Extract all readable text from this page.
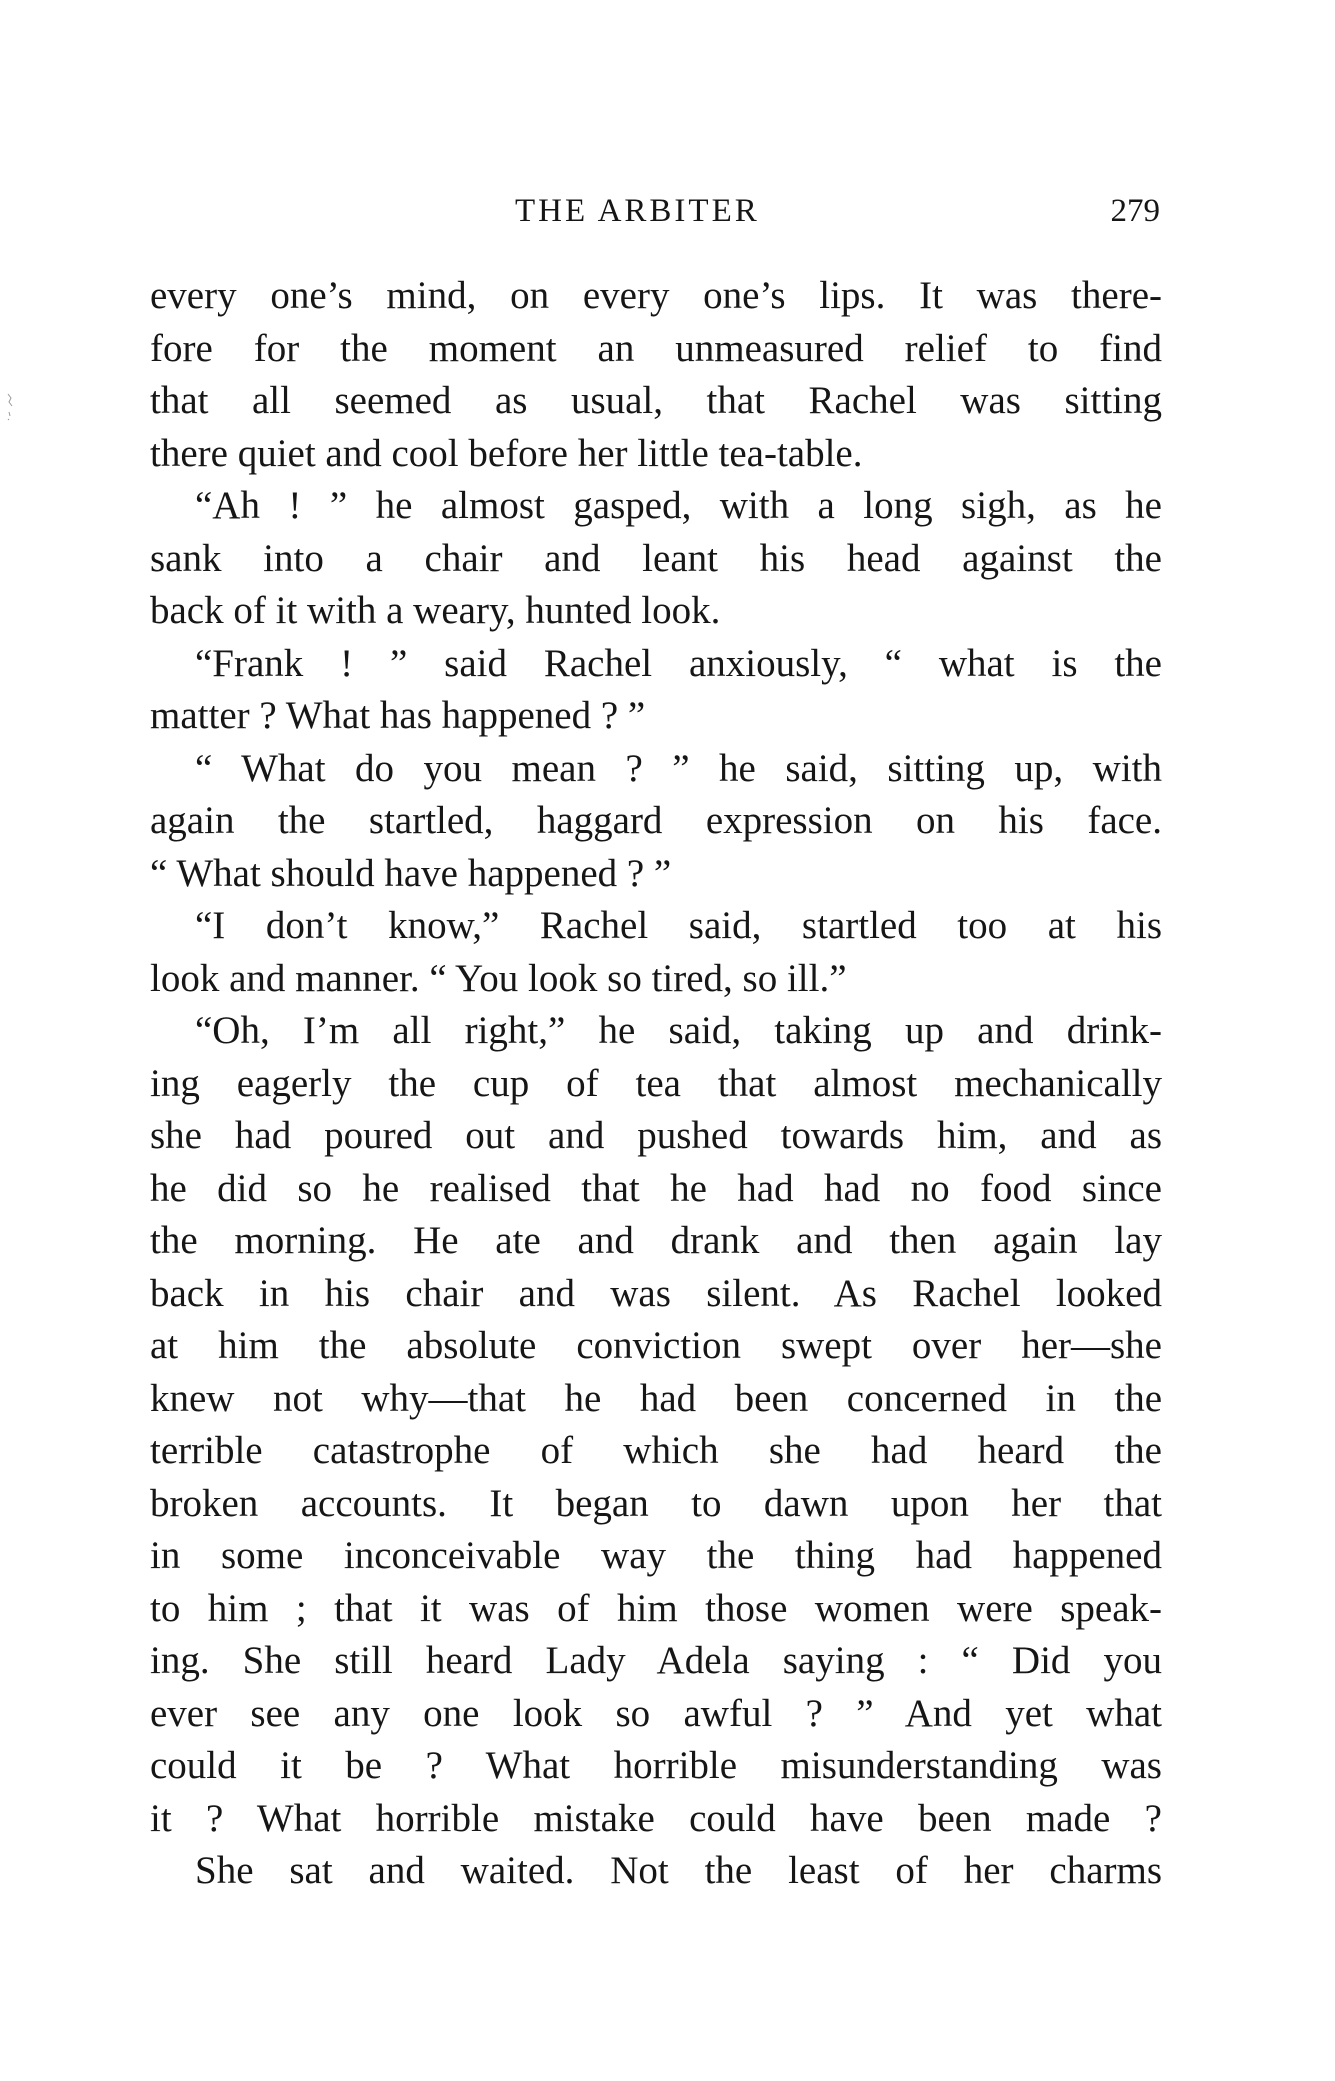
THE ARBITER	279
every one’s mind, on every one’s lips. It was there-
fore for the moment an unmeasured relief to find
that all seemed as usual, that Rachel was sitting
there quiet and cool before her little tea-table.
“Ah ! ” he almost gasped, with a long sigh, as he
sank into a chair and leant his head against the
back of it with a weary, hunted look.
“Frank ! ” said Rachel anxiously, “ what is the
matter ? What has happened ? ”
“ What do you mean ? ” he said, sitting up, with
again the startled, haggard expression on his face.
“ What should have happened ? ”
“I don’t know,” Rachel said, startled too at his
look and manner. “ You look so tired, so ill.”
“Oh, I’m all right,” he said, taking up and drink-
ing eagerly the cup of tea that almost mechanically
she had poured out and pushed towards him, and as
he did so he realised that he had had no food since
the morning. He ate and drank and then again lay
back in his chair and was silent. As Rachel looked
at him the absolute conviction swept over her—she
knew not why—that he had been concerned in the
terrible catastrophe of which she had heard the
broken accounts. It began to dawn upon her that
in some inconceivable way the thing had happened
to him ; that it was of him those women were speak-
ing. She still heard Lady Adela saying : “ Did you
ever see any one look so awful ? ” And yet what
could it be ? What horrible misunderstanding was
it ? What horrible mistake could have been made ?
She sat and waited. Not the least of her charms
